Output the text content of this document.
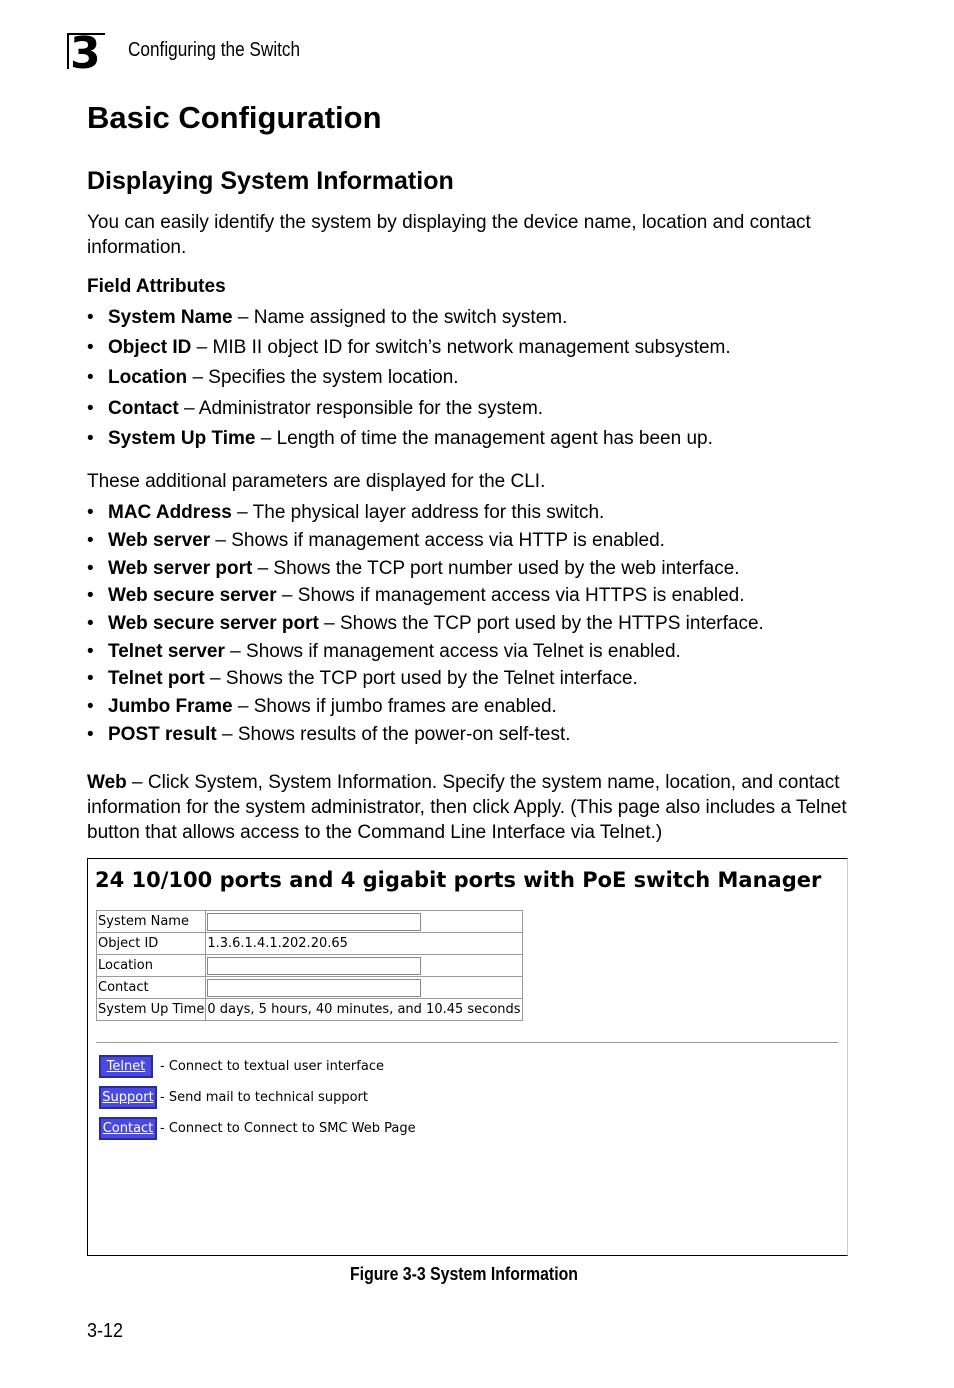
3 Configuring the Switch
Basic Configuration
Displaying System Information
You can easily identify the system by displaying the device name, location and contact information.
Field Attributes
• System Name – Name assigned to the switch system.
• Object ID – MIB II object ID for switch’s network management subsystem.
• Location – Specifies the system location.
• Contact – Administrator responsible for the system.
• System Up Time – Length of time the management agent has been up.
These additional parameters are displayed for the CLI.
• MAC Address – The physical layer address for this switch.
• Web server – Shows if management access via HTTP is enabled.
• Web server port – Shows the TCP port number used by the web interface.
• Web secure server – Shows if management access via HTTPS is enabled.
• Web secure server port – Shows the TCP port used by the HTTPS interface.
• Telnet server – Shows if management access via Telnet is enabled.
• Telnet port – Shows the TCP port used by the Telnet interface.
• Jumbo Frame – Shows if jumbo frames are enabled.
• POST result – Shows results of the power-on self-test.
Web – Click System, System Information. Specify the system name, location, and contact information for the system administrator, then click Apply. (This page also includes a Telnet button that allows access to the Command Line Interface via Telnet.)
24 10/100 ports and 4 gigabit ports with PoE switch Manager
System Name	

Object ID	1.3.6.1.4.1.202.20.65
Location	

Contact	

System Up Time	0 days, 5 hours, 40 minutes, and 10.45 seconds
Telnet	- Connect to textual user interface
Support - Send mail to technical support
Contact - Connect to Connect to SMC Web Page
Figure 3-3 System Information
3-12
